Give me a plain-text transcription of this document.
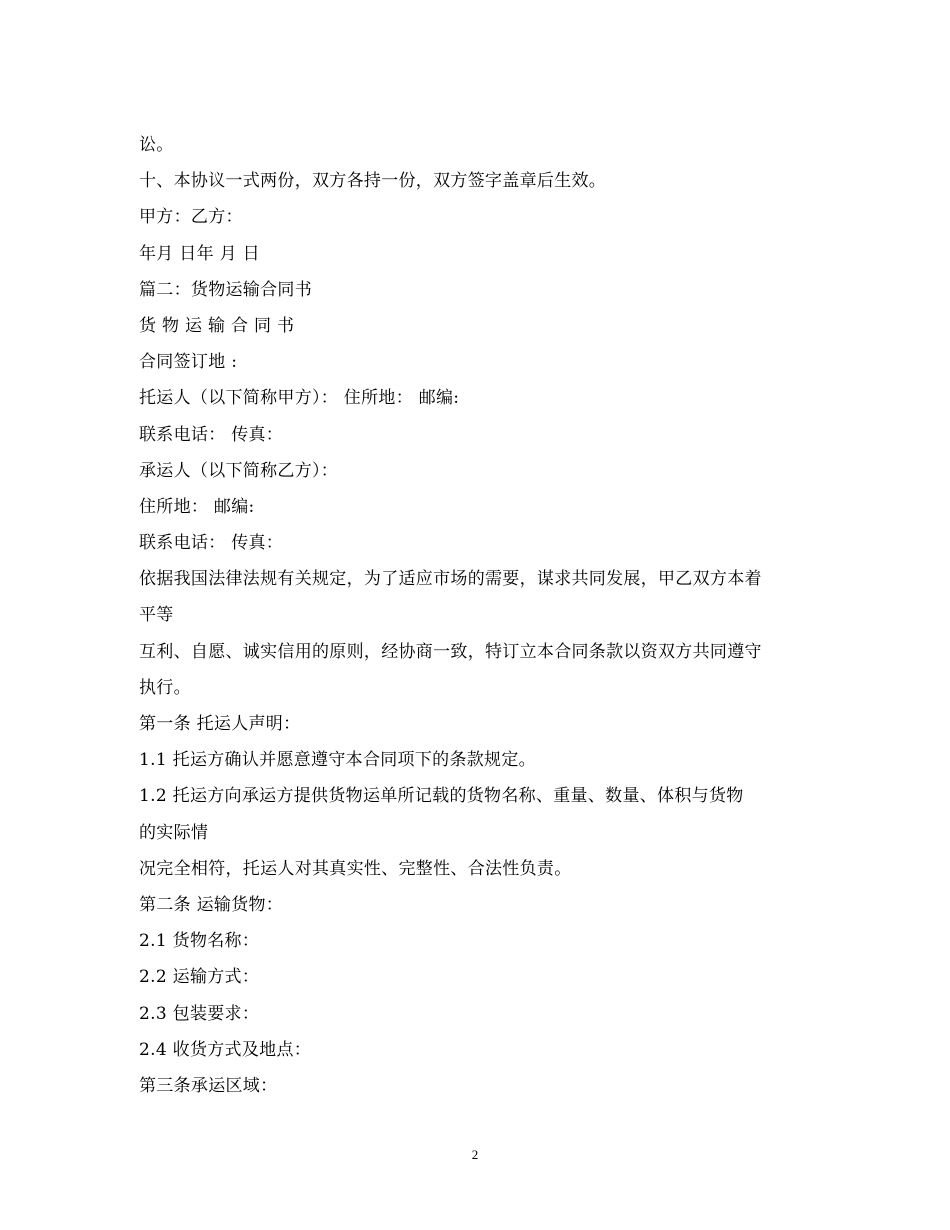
讼。
十、本协议一式两份，双方各持一份，双方签字盖章后生效。
甲方：乙方：
年月 日年 月 日
篇二：货物运输合同书
货 物 运 输 合 同 书
合同签订地 :
托运人（以下简称甲方）： 住所地： 邮编:
联系电话： 传真：
承运人（以下简称乙方）：
住所地： 邮编:
联系电话： 传真：
依据我国法律法规有关规定，为了适应市场的需要，谋求共同发展，甲乙双方本着
平等
互利、自愿、诚实信用的原则，经协商一致，特订立本合同条款以资双方共同遵守
执行。
第一条 托运人声明：
1.1 托运方确认并愿意遵守本合同项下的条款规定。
1.2 托运方向承运方提供货物运单所记载的货物名称、重量、数量、体积与货物
的实际情
况完全相符，托运人对其真实性、完整性、合法性负责。
第二条 运输货物：
2.1 货物名称：
2.2 运输方式：
2.3 包装要求：
2.4 收货方式及地点：
第三条承运区域：
2
